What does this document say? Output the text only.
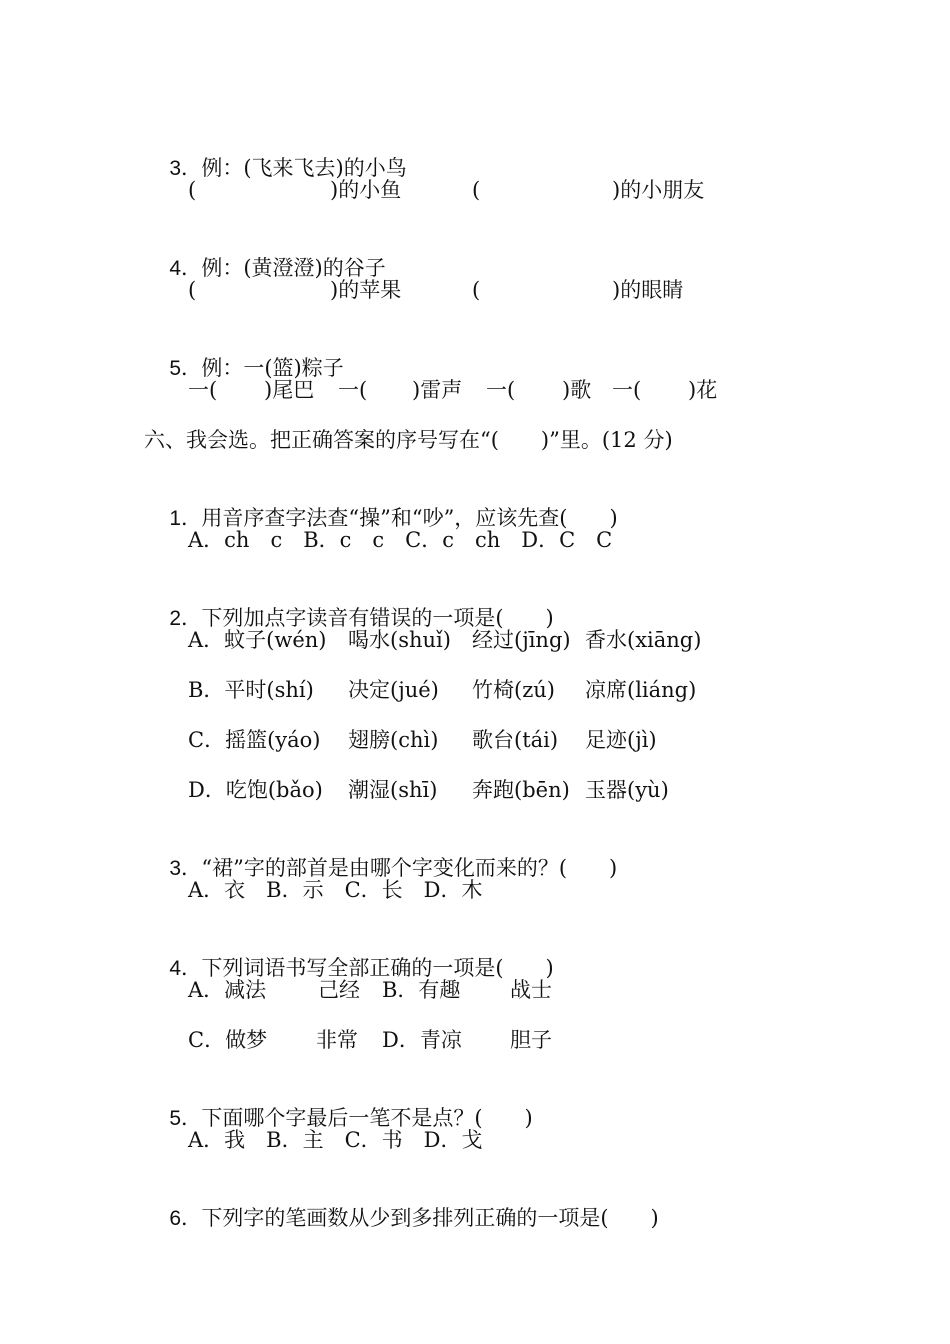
3．例：(飞来飞去)的小鸟

(	)的小鱼	(	)的小朋友

4．例：(黄澄澄)的谷子

(	)的苹果	(	)的眼睛

5．例：一(篮)粽子

一( )尾巴 一( )雷声 一( )歌 一( )花
六、我会选。把正确答案的序号写在“(　　)”里。(12 分)

1．用音序查字法查“操”和“吵”，应该先查(　　)

A．ch　c　B．c　c　C．c　ch　D．C　C

2．下列加点字读音有错误的一项是(　　)

A．蚊子(wén) 喝水(shuǐ) 经过(jīng) 香水(xiāng)
B．平时(shí) 决定(jué) 竹椅(zú) 凉席(liáng)
C．摇篮(yáo) 翅膀(chì) 歌台(tái) 足迹(jì)
D．吃饱(bǎo) 潮湿(shī) 奔跑(bēn) 玉器(yù)

3．“裙”字的部首是由哪个字变化而来的？(　　)

A．衣　B．示　C．长　D．木

4．下列词语书写全部正确的一项是(　　)

A．减法 己经 B．有趣 战士
C．做梦 非常 D．青凉 胆子

5．下面哪个字最后一笔不是点？(　　)

A．我　B．主　C．书　D．戈

6．下列字的笔画数从少到多排列正确的一项是(　　)
